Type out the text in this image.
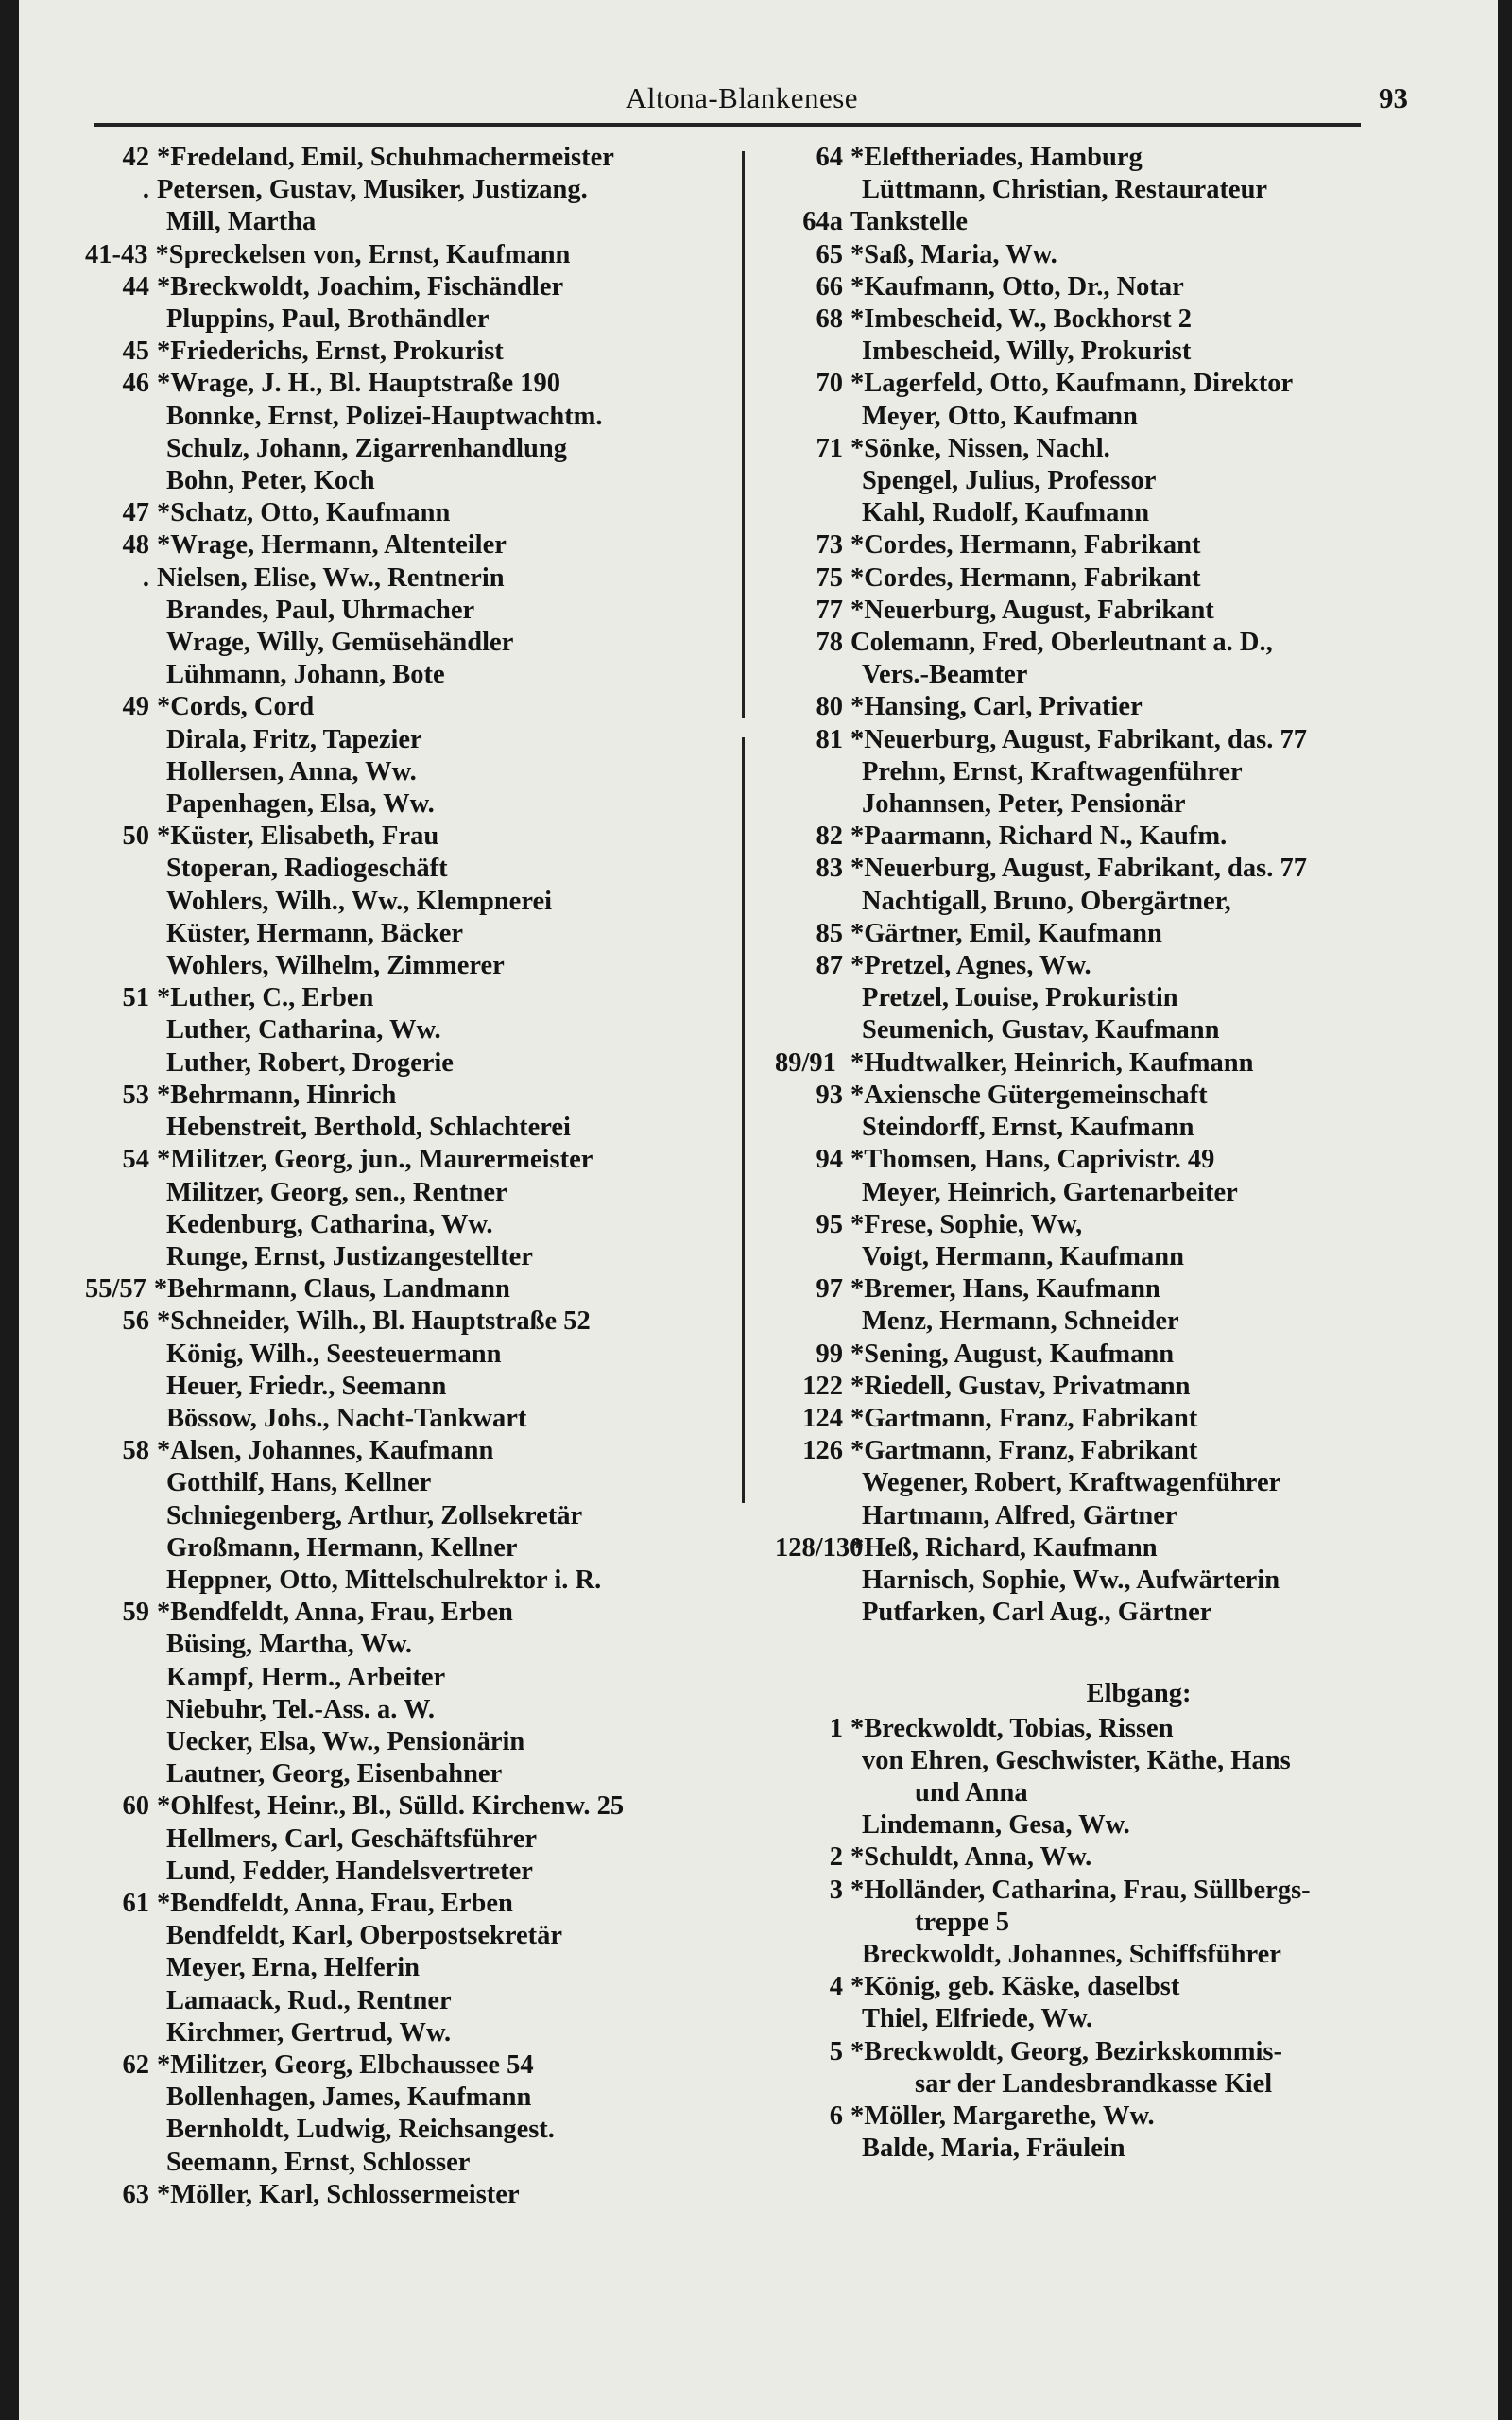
Altona-Blankenese	93
42 *Fredeland, Emil, Schuhmachermeister
. Petersen, Gustav, Musiker, Justizang.
Mill, Martha
41-43 *Spreckelsen von, Ernst, Kaufmann
44 *Breckwoldt, Joachim, Fischändler
Pluppins, Paul, Brothändler
45 *Friederichs, Ernst, Prokurist
46 *Wrage, J. H., Bl. Hauptstraße 190
Bonnke, Ernst, Polizei-Hauptwachtm.
Schulz, Johann, Zigarrenhandlung
Bohn, Peter, Koch
47 *Schatz, Otto, Kaufmann
48 *Wrage, Hermann, Altenteiler
. Nielsen, Elise, Ww., Rentnerin
Brandes, Paul, Uhrmacher
Wrage, Willy, Gemüsehändler
Lühmann, Johann, Bote
49 *Cords, Cord
Dirala, Fritz, Tapezier
Hollersen, Anna, Ww.
Papenhagen, Elsa, Ww.
50 *Küster, Elisabeth, Frau
Stoperan, Radiogeschäft
Wohlers, Wilh., Ww., Klempnerei
Küster, Hermann, Bäcker
Wohlers, Wilhelm, Zimmerer
51 *Luther, C., Erben
Luther, Catharina, Ww.
Luther, Robert, Drogerie
53 *Behrmann, Hinrich
Hebenstreit, Berthold, Schlachterei
54 *Militzer, Georg, jun., Maurermeister
Militzer, Georg, sen., Rentner
Kedenburg, Catharina, Ww.
Runge, Ernst, Justizangestellter
55/57 *Behrmann, Claus, Landmann
56 *Schneider, Wilh., Bl. Hauptstraße 52
König, Wilh., Seesteuermann
Heuer, Friedr., Seemann
Bössow, Johs., Nacht-Tankwart
58 *Alsen, Johannes, Kaufmann
Gotthilf, Hans, Kellner
Schniegenberg, Arthur, Zollsekretär
Großmann, Hermann, Kellner
Heppner, Otto, Mittelschulrektor i. R.
59 *Bendfeldt, Anna, Frau, Erben
Büsing, Martha, Ww.
Kampf, Herm., Arbeiter
Niebuhr, Tel.-Ass. a. W.
Uecker, Elsa, Ww., Pensionärin
Lautner, Georg, Eisenbahner
60 *Ohlfest, Heinr., Bl., Sülld. Kirchenw. 25
Hellmers, Carl, Geschäftsführer
Lund, Fedder, Handelsvertreter
61 *Bendfeldt, Anna, Frau, Erben
Bendfeldt, Karl, Oberpostsekretär
Meyer, Erna, Helferin
Lamaack, Rud., Rentner
Kirchmer, Gertrud, Ww.
62 *Militzer, Georg, Elbchaussee 54
Bollenhagen, James, Kaufmann
Bernholdt, Ludwig, Reichsangest.
Seemann, Ernst, Schlosser
63 *Möller, Karl, Schlossermeister
64 *Eleftheriades, Hamburg
Lüttmann, Christian, Restaurateur
64a Tankstelle
65 *Saß, Maria, Ww.
66 *Kaufmann, Otto, Dr., Notar
68 *Imbescheid, W., Bockhorst 2
Imbescheid, Willy, Prokurist
70 *Lagerfeld, Otto, Kaufmann, Direktor
Meyer, Otto, Kaufmann
71 *Sönke, Nissen, Nachl.
Spengel, Julius, Professor
Kahl, Rudolf, Kaufmann
73 *Cordes, Hermann, Fabrikant
75 *Cordes, Hermann, Fabrikant
77 *Neuerburg, August, Fabrikant
78 Colemann, Fred, Oberleutnant a. D.,
Vers.-Beamter
80 *Hansing, Carl, Privatier
81 *Neuerburg, August, Fabrikant, das. 77
Prehm, Ernst, Kraftwagenführer
Johannsen, Peter, Pensionär
82 *Paarmann, Richard N., Kaufm.
83 *Neuerburg, August, Fabrikant, das. 77
Nachtigall, Bruno, Obergärtner,
85 *Gärtner, Emil, Kaufmann
87 *Pretzel, Agnes, Ww.
Pretzel, Louise, Prokuristin
Seumenich, Gustav, Kaufmann
89/91 *Hudtwalker, Heinrich, Kaufmann
93 *Axiensche Gütergemeinschaft
Steindorff, Ernst, Kaufmann
94 *Thomsen, Hans, Caprivistr. 49
Meyer, Heinrich, Gartenarbeiter
95 *Frese, Sophie, Ww,
Voigt, Hermann, Kaufmann
97 *Bremer, Hans, Kaufmann
Menz, Hermann, Schneider
99 *Sening, August, Kaufmann
122 *Riedell, Gustav, Privatmann
124 *Gartmann, Franz, Fabrikant
126 *Gartmann, Franz, Fabrikant
Wegener, Robert, Kraftwagenführer
Hartmann, Alfred, Gärtner
128/130
*Heß, Richard, Kaufmann
Harnisch, Sophie, Ww., Aufwärterin
Putfarken, Carl Aug., Gärtner
Elbgang:
1 *Breckwoldt, Tobias, Rissen
von Ehren, Geschwister, Käthe, Hans
und Anna
Lindemann, Gesa, Ww.
2 *Schuldt, Anna, Ww.
3 *Holländer, Catharina, Frau, Süllbergs-
treppe 5
Breckwoldt, Johannes, Schiffsführer
4 *König, geb. Käske, daselbst
Thiel, Elfriede, Ww.
5 *Breckwoldt, Georg, Bezirkskommis-
sar der Landesbrandkasse Kiel
6 *Möller, Margarethe, Ww.
Balde, Maria, Fräulein
